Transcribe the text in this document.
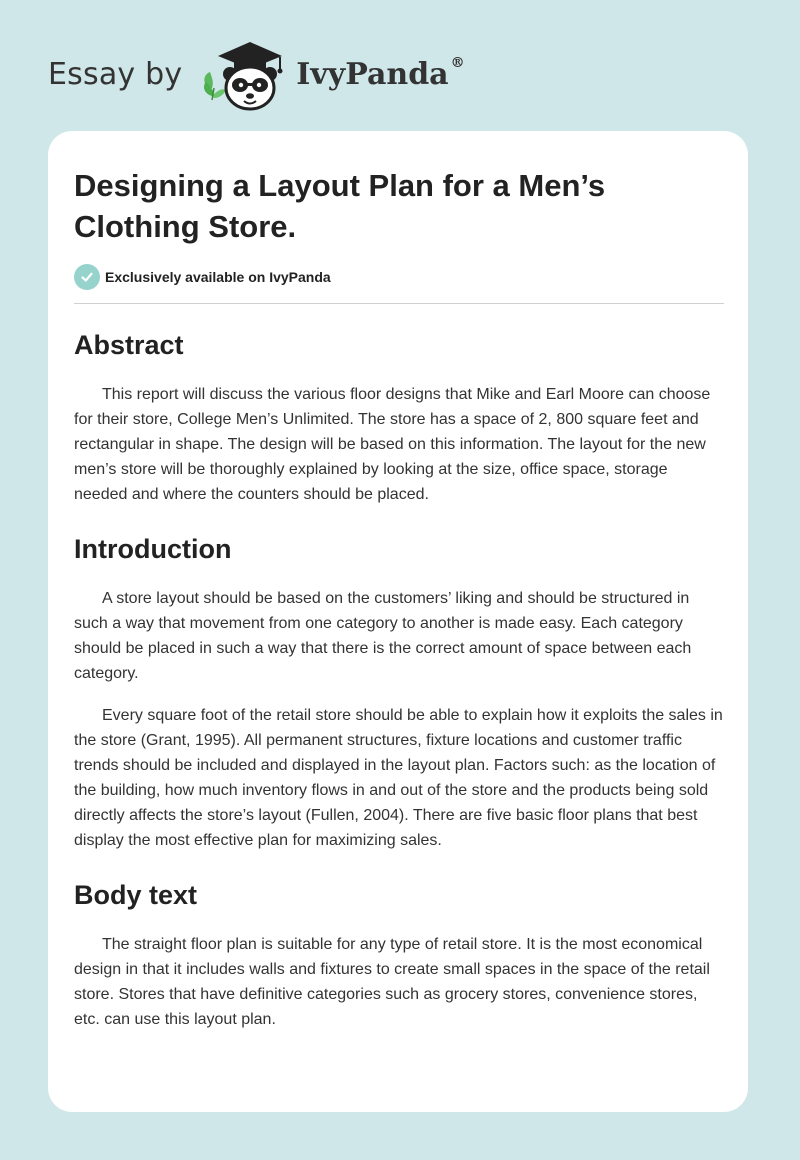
Essay by	IvyPanda ®
Designing a Layout Plan for a Men’s Clothing Store.
Exclusively available on IvyPanda
Abstract

This report will discuss the various floor designs that Mike and Earl Moore can choose for their store, College Men’s Unlimited. The store has a space of 2, 800 square feet and rectangular in shape. The design will be based on this information. The layout for the new men’s store will be thoroughly explained by looking at the size, office space, storage needed and where the counters should be placed.

Introduction

A store layout should be based on the customers’ liking and should be structured in such a way that movement from one category to another is made easy. Each category should be placed in such a way that there is the correct amount of space between each category.

Every square foot of the retail store should be able to explain how it exploits the sales in the store (Grant, 1995). All permanent structures, fixture locations and customer traffic trends should be included and displayed in the layout plan. Factors such: as the location of the building, how much inventory flows in and out of the store and the products being sold directly affects the store’s layout (Fullen, 2004). There are five basic floor plans that best display the most effective plan for maximizing sales.

Body text

The straight floor plan is suitable for any type of retail store. It is the most economical design in that it includes walls and fixtures to create small spaces in the space of the retail store. Stores that have definitive categories such as grocery stores, convenience stores, etc. can use this layout plan.
